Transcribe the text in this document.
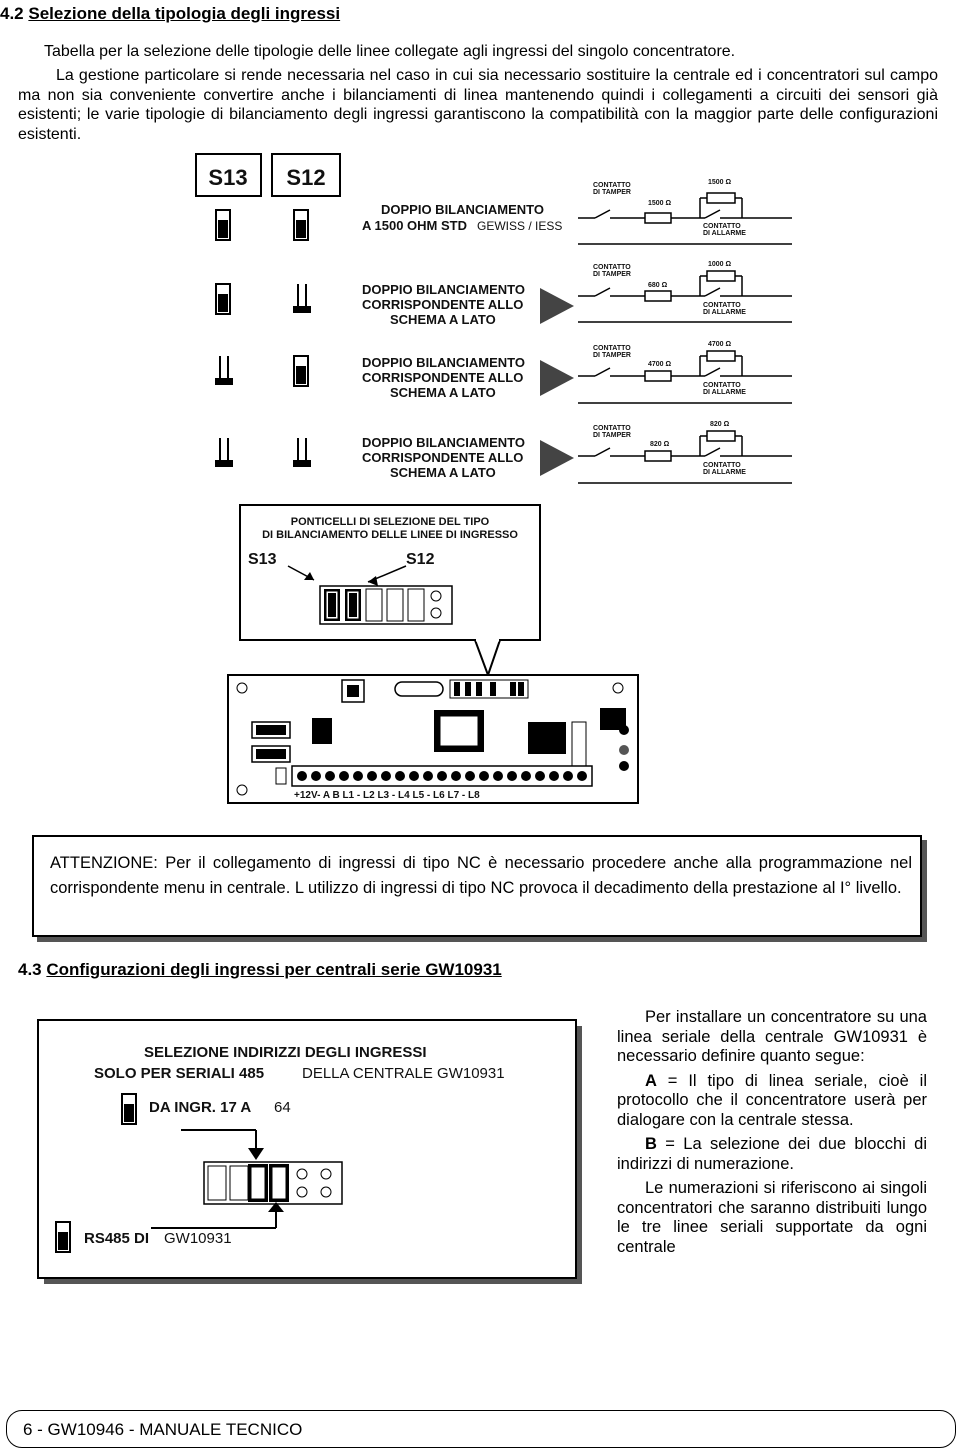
4.2 Selezione della tipologia degli ingressi
Tabella per la selezione delle tipologie delle linee collegate agli ingressi del singolo concentratore.
La gestione particolare si rende necessaria nel caso in cui sia necessario sostituire la centrale ed i concentratori sul campo ma non sia conveniente convertire anche i bilanciamenti di linea mantenendo quindi i collegamenti a circuiti dei sensori già esistenti; le varie tipologie di bilanciamento degli ingressi garantiscono la compatibilità con la maggior parte delle configurazioni esistenti.
S13 S12
DOPPIO BILANCIAMENTO
A 1500 OHM STD GEWISS / IESS
DOPPIO BILANCIAMENTO
CORRISPONDENTE ALLO
SCHEMA A LATO
DOPPIO BILANCIAMENTO
CORRISPONDENTE ALLO
SCHEMA A LATO
DOPPIO BILANCIAMENTO
CORRISPONDENTE ALLO
SCHEMA A LATO
CONTATTO
DI TAMPER
1500 Ω
1500 Ω
CONTATTO
DI ALLARME
CONTATTO
DI TAMPER
1000 Ω
680 Ω
CONTATTO
DI ALLARME
CONTATTO
DI TAMPER
4700 Ω
4700 Ω
CONTATTO
DI ALLARME
CONTATTO
DI TAMPER
820 Ω
820 Ω
CONTATTO
DI ALLARME
PONTICELLI DI SELEZIONE DEL TIPO
DI BILANCIAMENTO DELLE LINEE DI INGRESSO
S13	S12
+12V- A B L1 - L2 L3 - L4 L5 - L6 L7 - L8
ATTENZIONE: Per il collegamento di ingressi di tipo NC è necessario procedere anche alla programmazione nel corrispondente menu in centrale. L utilizzo di ingressi di tipo NC provoca il decadimento della prestazione al I° livello.
4.3 Configurazioni degli ingressi per centrali serie GW10931
SELEZIONE INDIRIZZI DEGLI INGRESSI
SOLO PER SERIALI 485	DELLA CENTRALE GW10931
DA INGR. 17 A 64
RS485 DI GW10931

Per installare un concentratore su una linea seriale della centrale GW10931 è necessario definire quanto segue:

A = Il tipo di linea seriale, cioè il protocollo che il concentratore userà per dialogare con la centrale stessa.

B = La selezione dei due blocchi di indirizzi di numerazione.

Le numerazioni si riferiscono ai singoli concentratori che saranno distribuiti lungo le tre linee seriali supportate da ogni centrale

6 - GW10946 - MANUALE TECNICO
